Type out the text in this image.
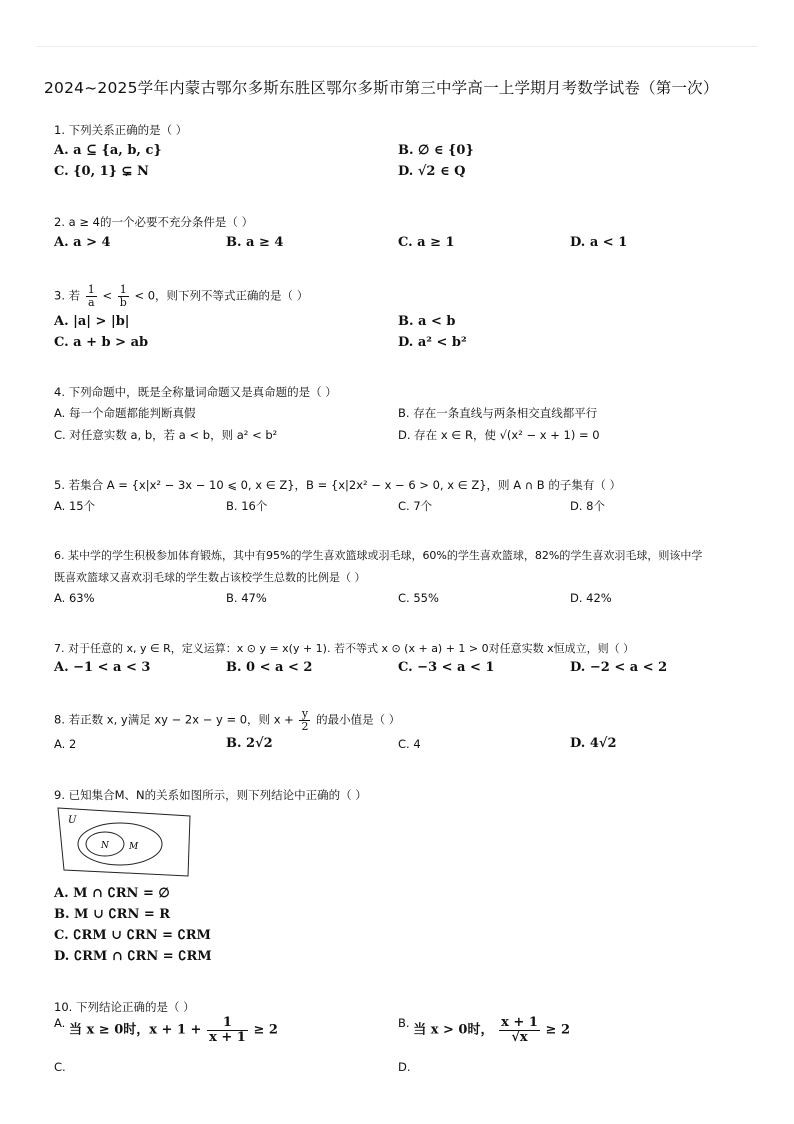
2024~2025学年内蒙古鄂尔多斯东胜区鄂尔多斯市第三中学高一上学期月考数学试卷（第一次）
1. 下列关系正确的是（ ）
A. a ⊆ {a, b, c}	B. ∅ ∈ {0}
C. {0, 1} ⊊ N	D. √2 ∈ Q
2. a ≥ 4的一个必要不充分条件是（ ）
A. a > 4	B. a ≥ 4	C. a ≥ 1	D. a < 1
3. 若 $\frac{1}{a} < \frac{1}{b} < 0$，则下列不等式正确的是（ ）
A. |a| > |b|	B. a < b
C. a + b > ab	D. a² < b²
4. 下列命题中，既是全称量词命题又是真命题的是（ ）
A. 每一个命题都能判断真假	B. 存在一条直线与两条相交直线都平行
C. 对任意实数 a, b，若 a < b，则 a² < b²	D. 存在 x ∈ R，使 √(x² − x + 1) = 0
5. 若集合 A = {x|x² − 3x − 10 ⩽ 0, x ∈ Z}，B = {x|2x² − x − 6 > 0, x ∈ Z}，则 A ∩ B 的子集有（ ）
A. 15个	B. 16个	C. 7个	D. 8个
6. 某中学的学生积极参加体育锻炼，其中有95%的学生喜欢篮球或羽毛球，60%的学生喜欢篮球，82%的学生喜欢羽毛球，则该中学
既喜欢篮球又喜欢羽毛球的学生数占该校学生总数的比例是（ ）
A. 63%	B. 47%	C. 55%	D. 42%
7. 对于任意的 x, y ∈ R，定义运算：x ⊙ y = x(y + 1). 若不等式 x ⊙ (x + a) + 1 > 0对任意实数 x恒成立，则（ ）
A. −1 < a < 3	B. 0 < a < 2	C. −3 < a < 1	D. −2 < a < 2
8. 若正数 x, y满足 xy − 2x − y = 0，则 $x + \frac{y}{2}$ 的最小值是（ ）
A. 2	B. 2√2	C. 4	D. 4√2
9. 已知集合M、N的关系如图所示，则下列结论中正确的（ ）
U
N M
A. M ∩ ∁RN = ∅
B. M ∪ ∁RN = R
C. ∁RM ∪ ∁RN = ∁RM
D. ∁RM ∩ ∁RN = ∁RM
10. 下列结论正确的是（ ）
A. 当 x ≥ 0时，$x + 1 + \frac{1}{x + 1} \ge 2$	B. 当 x > 0时， $\frac{x + 1}{√x} \ge 2$
C.	D.
